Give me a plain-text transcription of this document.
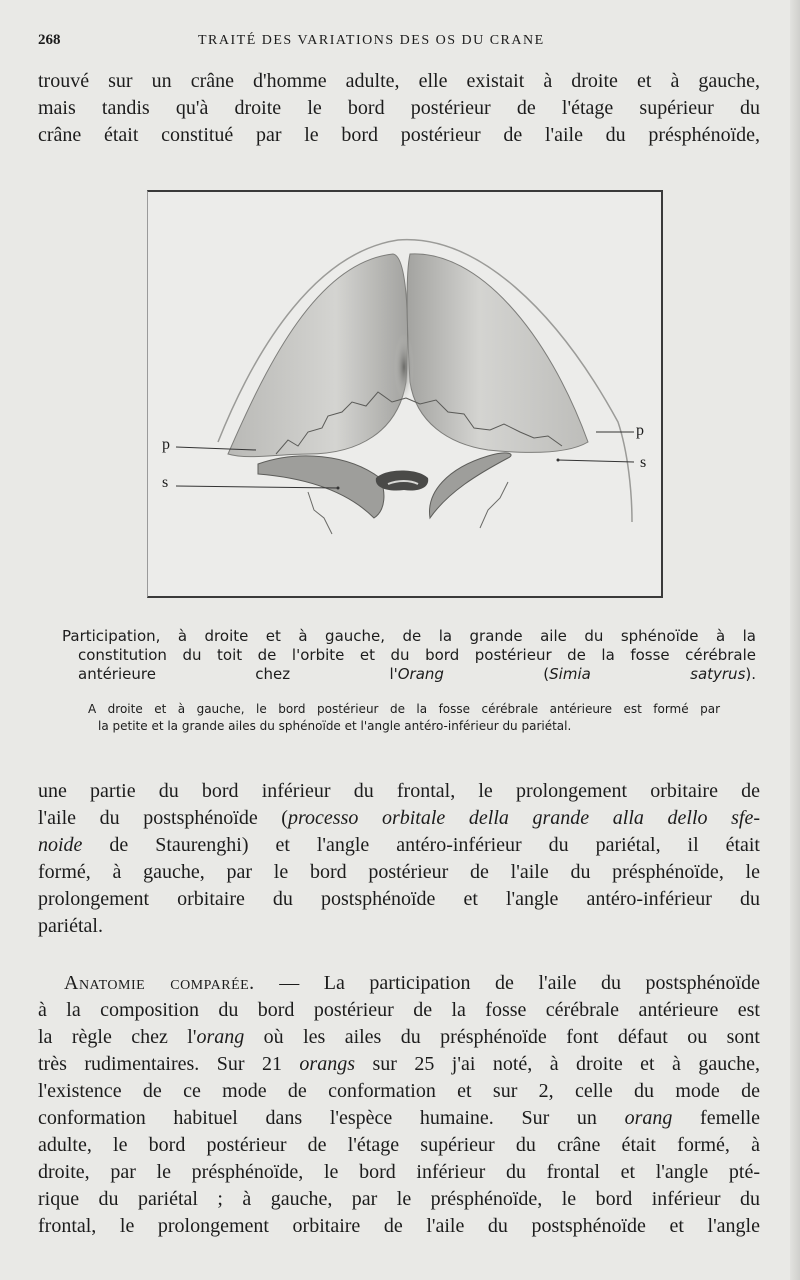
268	TRAITÉ DES VARIATIONS DES OS DU CRANE
trouvé sur un crâne d'homme adulte, elle existait à droite et à gauche,
mais tandis qu'à droite le bord postérieur de l'étage supérieur du
crâne était constitué par le bord postérieur de l'aile du présphénoïde,
p
s
p
s
Participation, à droite et à gauche, de la grande aile du sphénoïde à la
constitution du toit de l'orbite et du bord postérieur de la fosse cérébrale
antérieure chez l'Orang (Simia satyrus).
A droite et à gauche, le bord postérieur de la fosse cérébrale antérieure est formé par
la petite et la grande ailes du sphénoïde et l'angle antéro-inférieur du pariétal.
une partie du bord inférieur du frontal, le prolongement orbitaire de
l'aile du postsphénoïde (processo orbitale della grande alla dello sfe-
noide de Staurenghi) et l'angle antéro-inférieur du pariétal, il était
formé, à gauche, par le bord postérieur de l'aile du présphénoïde, le
prolongement orbitaire du postsphénoïde et l'angle antéro-inférieur du
pariétal.
Anatomie comparée. — La participation de l'aile du postsphénoïde
à la composition du bord postérieur de la fosse cérébrale antérieure est
la règle chez l'orang où les ailes du présphénoïde font défaut ou sont
très rudimentaires. Sur 21 orangs sur 25 j'ai noté, à droite et à gauche,
l'existence de ce mode de conformation et sur 2, celle du mode de
conformation habituel dans l'espèce humaine. Sur un orang femelle
adulte, le bord postérieur de l'étage supérieur du crâne était formé, à
droite, par le présphénoïde, le bord inférieur du frontal et l'angle pté-
rique du pariétal ; à gauche, par le présphénoïde, le bord inférieur du
frontal, le prolongement orbitaire de l'aile du postsphénoïde et l'angle
